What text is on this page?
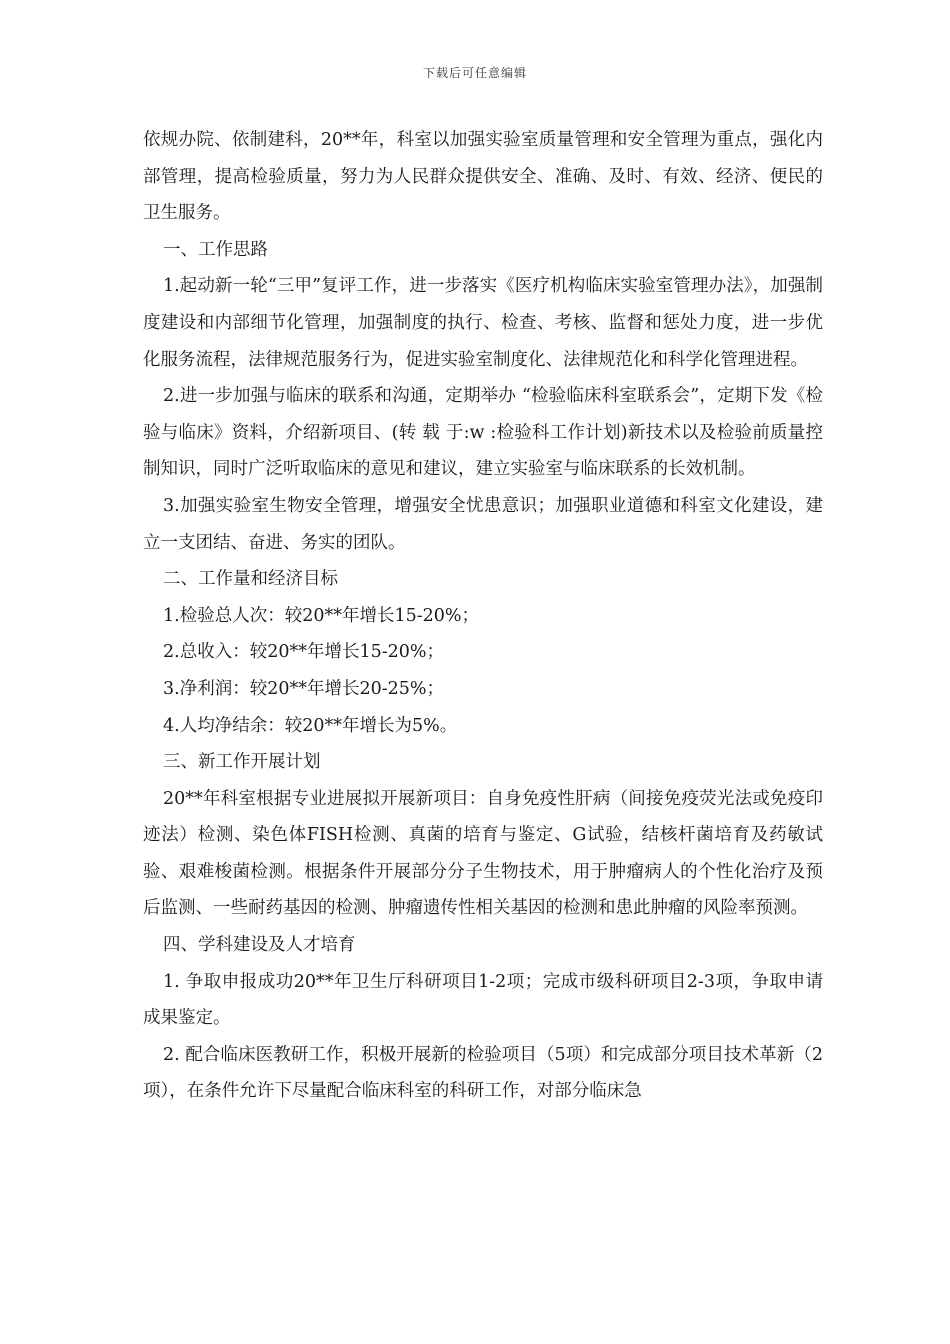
下载后可任意编辑

依规办院、依制建科，20**年，科室以加强实验室质量管理和安全管理为重点，强化内部管理，提高检验质量，努力为人民群众提供安全、准确、及时、有效、经济、便民的卫生服务。

一、工作思路

1.起动新一轮“三甲”复评工作，进一步落实《医疗机构临床实验室管理办法》，加强制度建设和内部细节化管理，加强制度的执行、检查、考核、监督和惩处力度，进一步优化服务流程，法律规范服务行为，促进实验室制度化、法律规范化和科学化管理进程。

2.进一步加强与临床的联系和沟通，定期举办 “检验临床科室联系会”，定期下发《检验与临床》资料，介绍新项目、(转 载 于:w :检验科工作计划)新技术以及检验前质量控制知识，同时广泛听取临床的意见和建议，建立实验室与临床联系的长效机制。

3.加强实验室生物安全管理，增强安全忧患意识；加强职业道德和科室文化建设，建立一支团结、奋进、务实的团队。

二、工作量和经济目标

1.检验总人次：较20**年增长15-20%；

2.总收入：较20**年增长15-20%；

3.净利润：较20**年增长20-25%；

4.人均净结余：较20**年增长为5%。

三、新工作开展计划

20**年科室根据专业进展拟开展新项目：自身免疫性肝病（间接免疫荧光法或免疫印迹法）检测、染色体FISH检测、真菌的培育与鉴定、G试验，结核杆菌培育及药敏试验、艰难梭菌检测。根据条件开展部分分子生物技术，用于肿瘤病人的个性化治疗及预后监测、一些耐药基因的检测、肿瘤遗传性相关基因的检测和患此肿瘤的风险率预测。

四、学科建设及人才培育

1. 争取申报成功20**年卫生厅科研项目1-2项；完成市级科研项目2-3项，争取申请成果鉴定。

2. 配合临床医教研工作，积极开展新的检验项目（5项）和完成部分项目技术革新（2项），在条件允许下尽量配合临床科室的科研工作，对部分临床急
